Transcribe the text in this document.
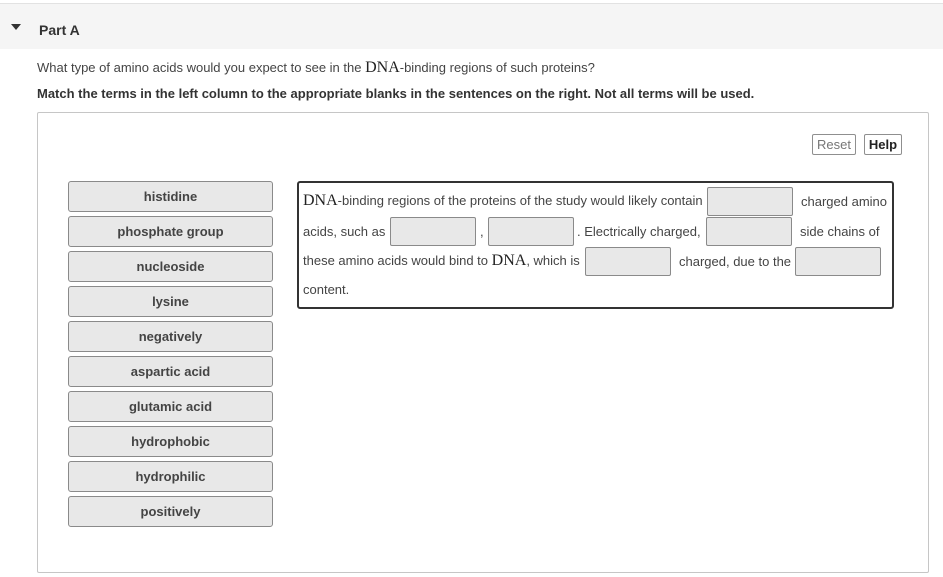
Part A
What type of amino acids would you expect to see in the DNA-binding regions of such proteins?
Match the terms in the left column to the appropriate blanks in the sentences on the right. Not all terms will be used.
Reset	Help
histidine
phosphate group
nucleoside
lysine
negatively
aspartic acid
glutamic acid
hydrophobic
hydrophilic
positively
DNA-binding regions of the proteins of the study would likely contain	charged amino
acids, such as	,	. Electrically charged,	side chains of
these amino acids would bind to DNA, which is	charged, due to the
content.
